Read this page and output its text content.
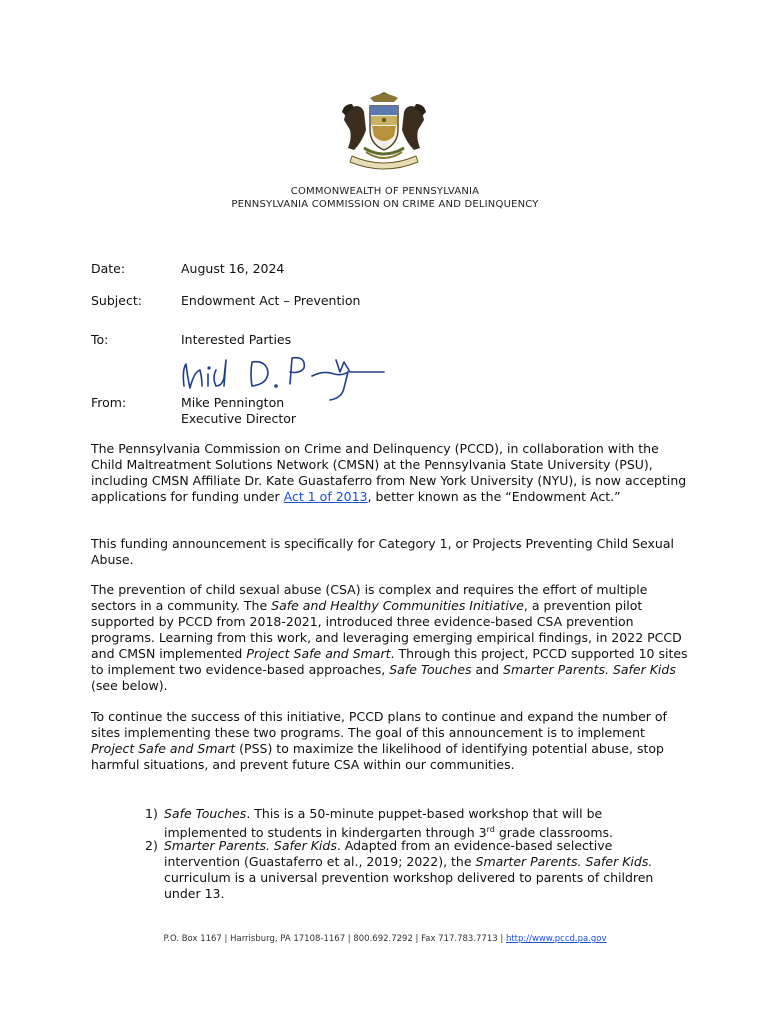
COMMONWEALTH OF PENNSYLVANIA
PENNSYLVANIA COMMISSION ON CRIME AND DELINQUENCY
Date:	August 16, 2024
Subject:	Endowment Act – Prevention
To:	Interested Parties
From:	Mike Pennington
Executive Director

The Pennsylvania Commission on Crime and Delinquency (PCCD), in collaboration with the Child Maltreatment Solutions Network (CMSN) at the Pennsylvania State University (PSU), including CMSN Affiliate Dr. Kate Guastaferro from New York University (NYU), is now accepting applications for funding under Act 1 of 2013, better known as the “Endowment Act.”

This funding announcement is specifically for Category 1, or Projects Preventing Child Sexual Abuse.

The prevention of child sexual abuse (CSA) is complex and requires the effort of multiple sectors in a community. The Safe and Healthy Communities Initiative, a prevention pilot supported by PCCD from 2018-2021, introduced three evidence-based CSA prevention programs. Learning from this work, and leveraging emerging empirical findings, in 2022 PCCD and CMSN implemented Project Safe and Smart. Through this project, PCCD supported 10 sites to implement two evidence-based approaches, Safe Touches and Smarter Parents. Safer Kids (see below).

To continue the success of this initiative, PCCD plans to continue and expand the number of sites implementing these two programs. The goal of this announcement is to implement Project Safe and Smart (PSS) to maximize the likelihood of identifying potential abuse, stop harmful situations, and prevent future CSA within our communities.

1) Safe Touches. This is a 50-minute puppet-based workshop that will be implemented to students in kindergarten through 3rd grade classrooms.
2) Smarter Parents. Safer Kids. Adapted from an evidence-based selective intervention (Guastaferro et al., 2019; 2022), the Smarter Parents. Safer Kids. curriculum is a universal prevention workshop delivered to parents of children under 13.
P.O. Box 1167 | Harrisburg, PA 17108-1167 | 800.692.7292 | Fax 717.783.7713 | http://www.pccd.pa.gov
